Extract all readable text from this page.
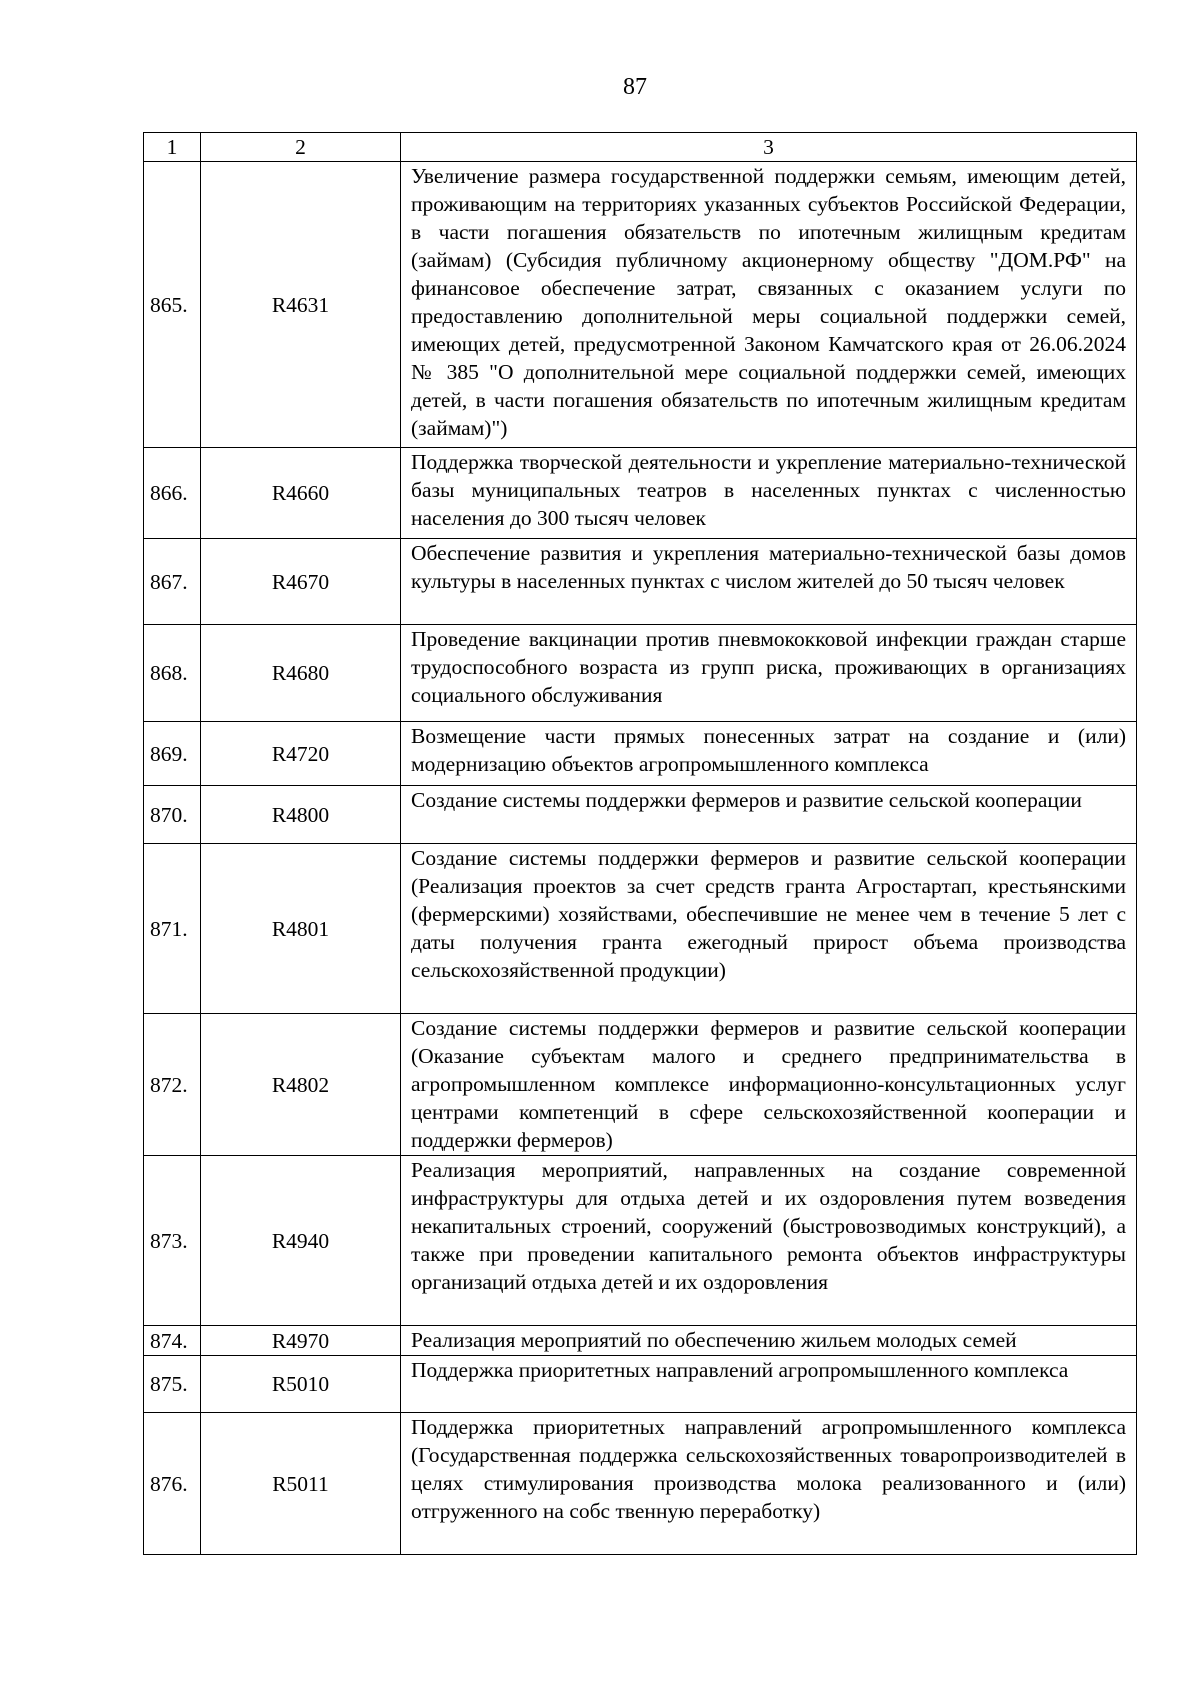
87
1	2	3
865.	R4631	Увеличение размера государственной поддержки семьям, имеющим детей, проживающим на территориях указанных субъектов Российской Федерации, в части погашения обязательств по ипотечным жилищным кредитам (займам) (Субсидия публичному акционерному обществу "ДОМ.РФ" на финансовое обеспечение затрат, связанных с оказанием услуги по предоставлению дополнительной меры социальной поддержки семей, имеющих детей, предусмотренной Законом Камчатского края от 26.06.2024 № 385 "О дополнительной мере социальной поддержки семей, имеющих детей, в части погашения обязательств по ипотечным жилищным кредитам (займам)")
866.	R4660	Поддержка творческой деятельности и укрепление материально-технической базы муниципальных театров в населенных пунктах с численностью населения до 300 тысяч человек
867.	R4670	Обеспечение развития и укрепления материально-технической базы домов культуры в населенных пунктах с числом жителей до 50 тысяч человек
868.	R4680	Проведение вакцинации против пневмококковой инфекции граждан старше трудоспособного возраста из групп риска, проживающих в организациях социального обслуживания
869.	R4720	Возмещение части прямых понесенных затрат на создание и (или) модернизацию объектов агропромышленного комплекса
870.	R4800	Создание системы поддержки фермеров и развитие сельской кооперации
871.	R4801	Создание системы поддержки фермеров и развитие сельской кооперации (Реализация проектов за счет средств гранта Агростартап, крестьянскими (фермерскими) хозяйствами, обеспечившие не менее чем в течение 5 лет с даты получения гранта ежегодный прирост объема производства сельскохозяйственной продукции)
872.	R4802	Создание системы поддержки фермеров и развитие сельской кооперации (Оказание субъектам малого и среднего предпринимательства в агропромышленном комплексе информационно-консультационных услуг центрами компетенций в сфере сельскохозяйственной кооперации и поддержки фермеров)
873.	R4940	Реализация мероприятий, направленных на создание современной инфраструктуры для отдыха детей и их оздоровления путем возведения некапитальных строений, сооружений (быстровозводимых конструкций), а также при проведении капитального ремонта объектов инфраструктуры организаций отдыха детей и их оздоровления
874.	R4970	Реализация мероприятий по обеспечению жильем молодых семей
875.	R5010	Поддержка приоритетных направлений агропромышленного комплекса
876.	R5011	Поддержка приоритетных направлений агропромышленного комплекса (Государственная поддержка сельскохозяйственных товаропроизводителей в целях стимулирования производства молока реализованного и (или) отгруженного на собс твенную переработку)
